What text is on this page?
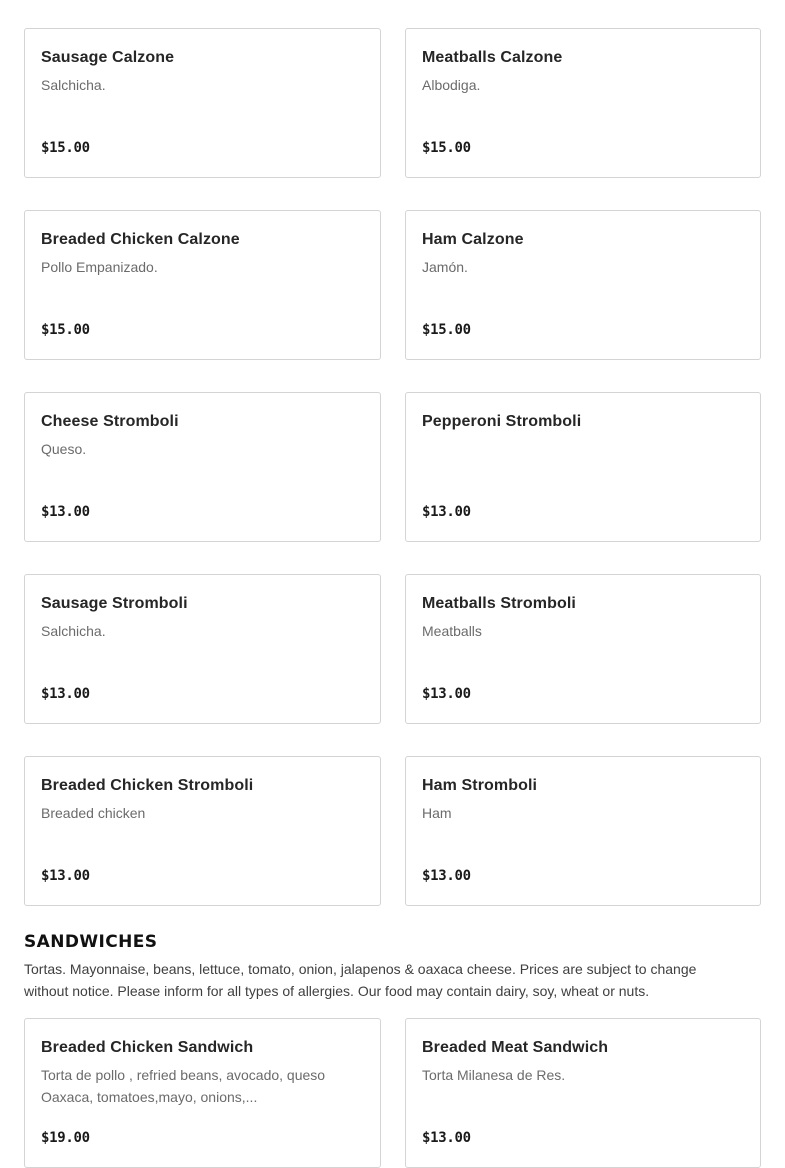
Sausage Calzone
Salchicha.
$15.00
Meatballs Calzone
Albodiga.
$15.00
Breaded Chicken Calzone
Pollo Empanizado.
$15.00
Ham Calzone
Jamón.
$15.00
Cheese Stromboli
Queso.
$13.00
Pepperoni Stromboli
$13.00
Sausage Stromboli
Salchicha.
$13.00
Meatballs Stromboli
Meatballs
$13.00
Breaded Chicken Stromboli
Breaded chicken
$13.00
Ham Stromboli
Ham
$13.00
SANDWICHES
Tortas. Mayonnaise, beans, lettuce, tomato, onion, jalapenos & oaxaca cheese. Prices are subject to change without notice. Please inform for all types of allergies. Our food may contain dairy, soy, wheat or nuts.
Breaded Chicken Sandwich
Torta de pollo , refried beans, avocado, queso Oaxaca, tomatoes,mayo, onions,...
$19.00
Breaded Meat Sandwich
Torta Milanesa de Res.
$13.00
